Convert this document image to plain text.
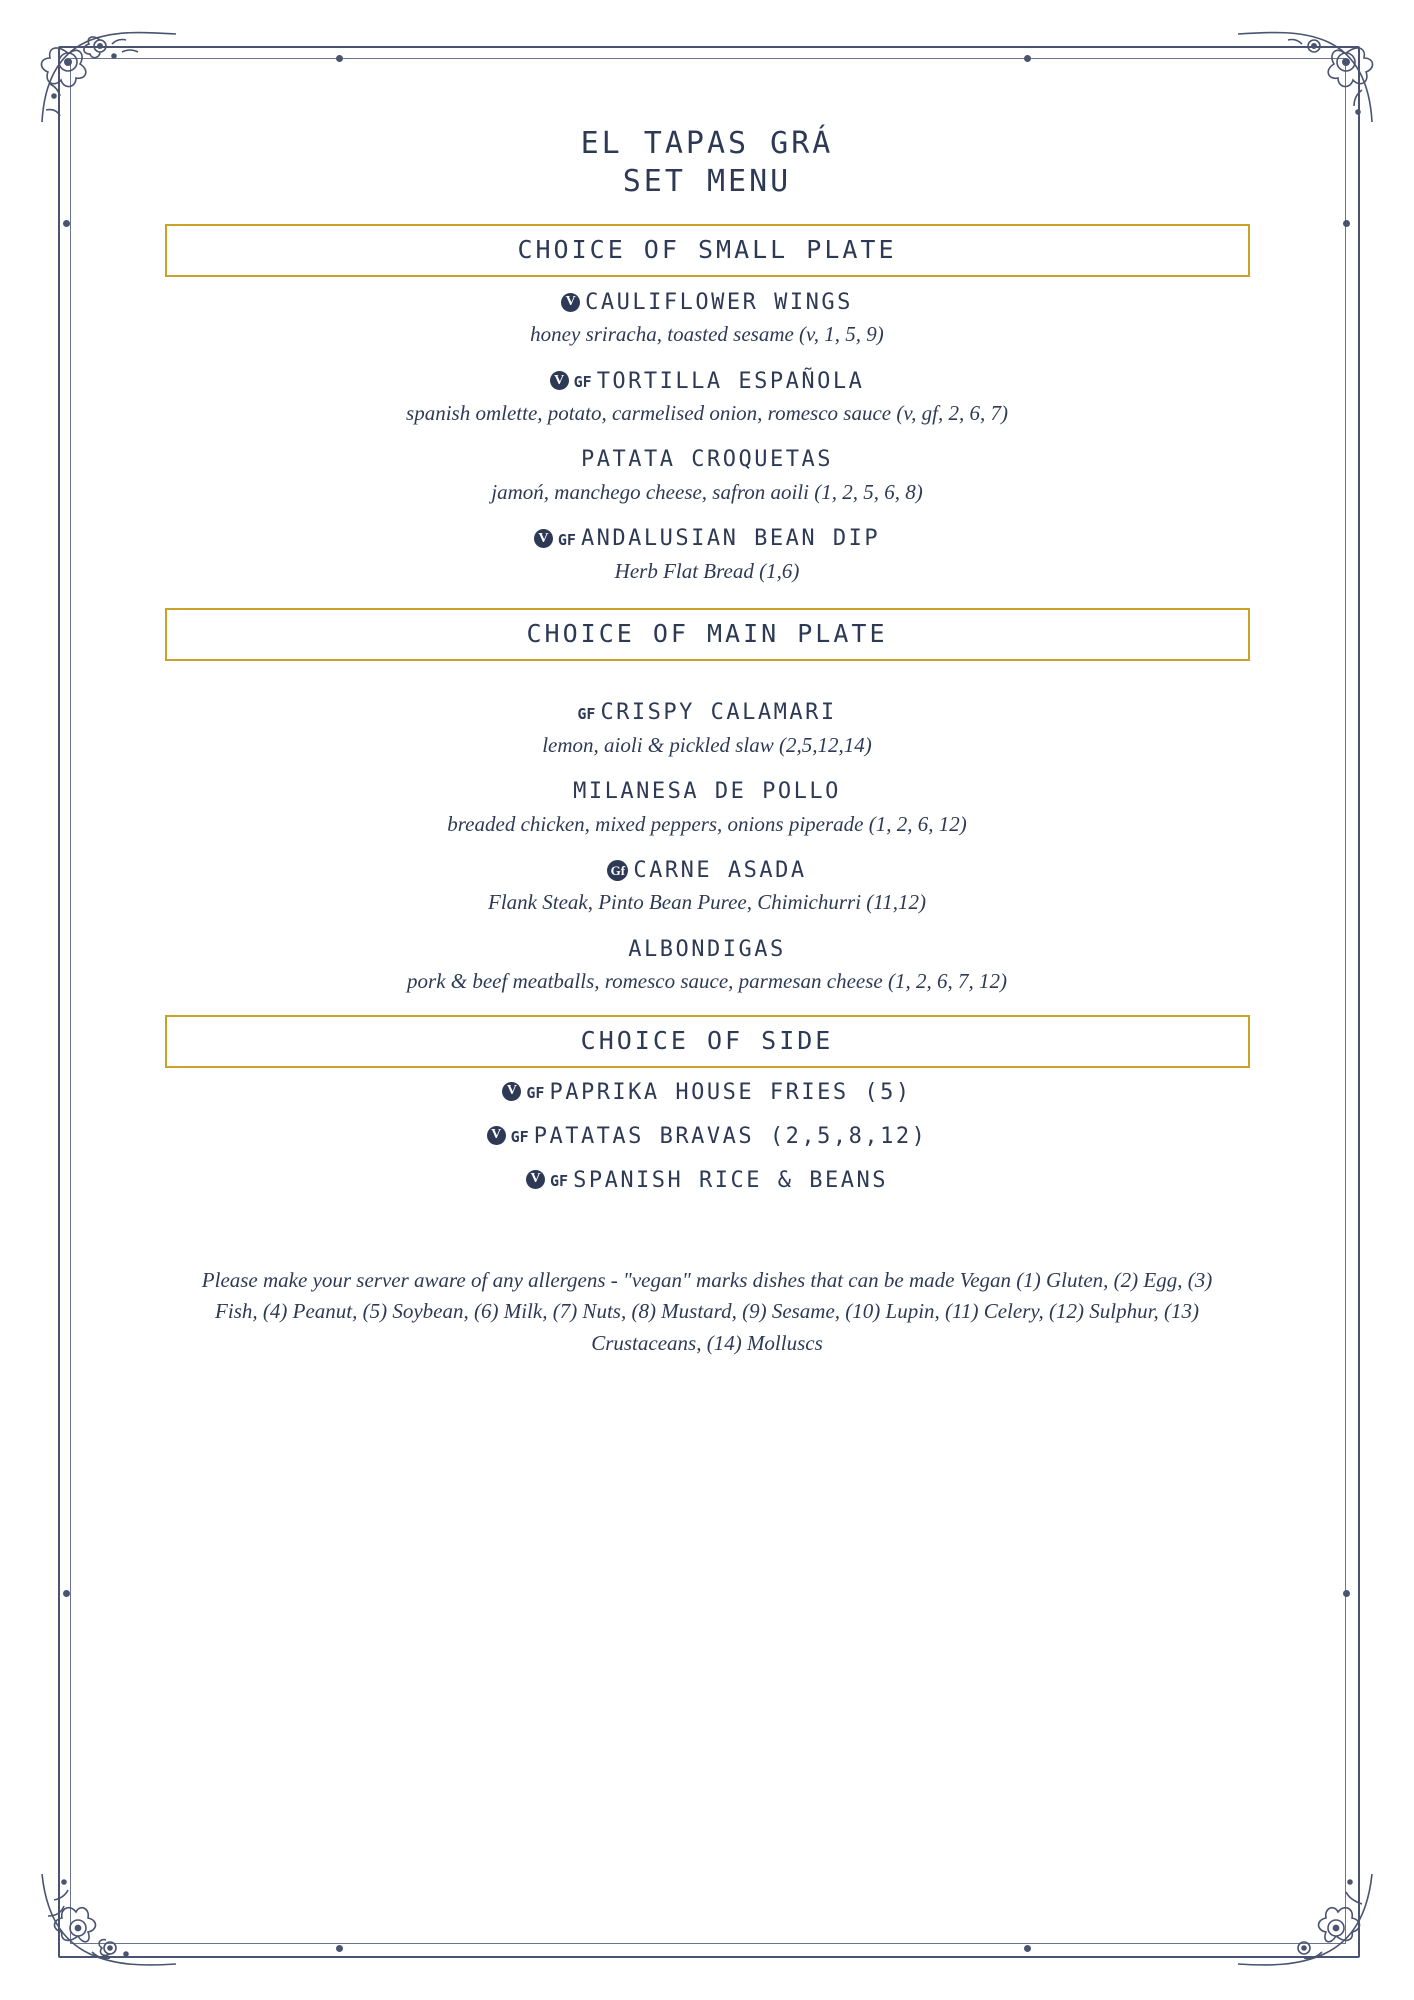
EL TAPAS GRÁ
SET MENU
CHOICE OF SMALL PLATE
V CAULIFLOWER WINGS
honey sriracha, toasted sesame (v, 1, 5, 9)
V GF TORTILLA ESPAÑOLA
spanish omlette, potato, carmelised onion, romesco sauce (v, gf, 2, 6, 7)
PATATA CROQUETAS
jamoń, manchego cheese, safron aoili (1, 2, 5, 6, 8)
V GF ANDALUSIAN BEAN DIP
Herb Flat Bread (1,6)
CHOICE OF MAIN PLATE
GF CRISPY CALAMARI
lemon, aioli & pickled slaw (2,5,12,14)
MILANESA DE POLLO
breaded chicken, mixed peppers, onions piperade (1, 2, 6, 12)
Gf CARNE ASADA
Flank Steak, Pinto Bean Puree, Chimichurri (11,12)
ALBONDIGAS
pork & beef meatballs, romesco sauce, parmesan cheese (1, 2, 6, 7, 12)
CHOICE OF SIDE
V GF PAPRIKA HOUSE FRIES (5)
V GF PATATAS BRAVAS (2,5,8,12)
V GF SPANISH RICE & BEANS
Please make your server aware of any allergens - "vegan" marks dishes that can be made Vegan (1) Gluten, (2) Egg, (3) Fish, (4) Peanut, (5) Soybean, (6) Milk, (7) Nuts, (8) Mustard, (9) Sesame, (10) Lupin, (11) Celery, (12) Sulphur, (13) Crustaceans, (14) Molluscs
